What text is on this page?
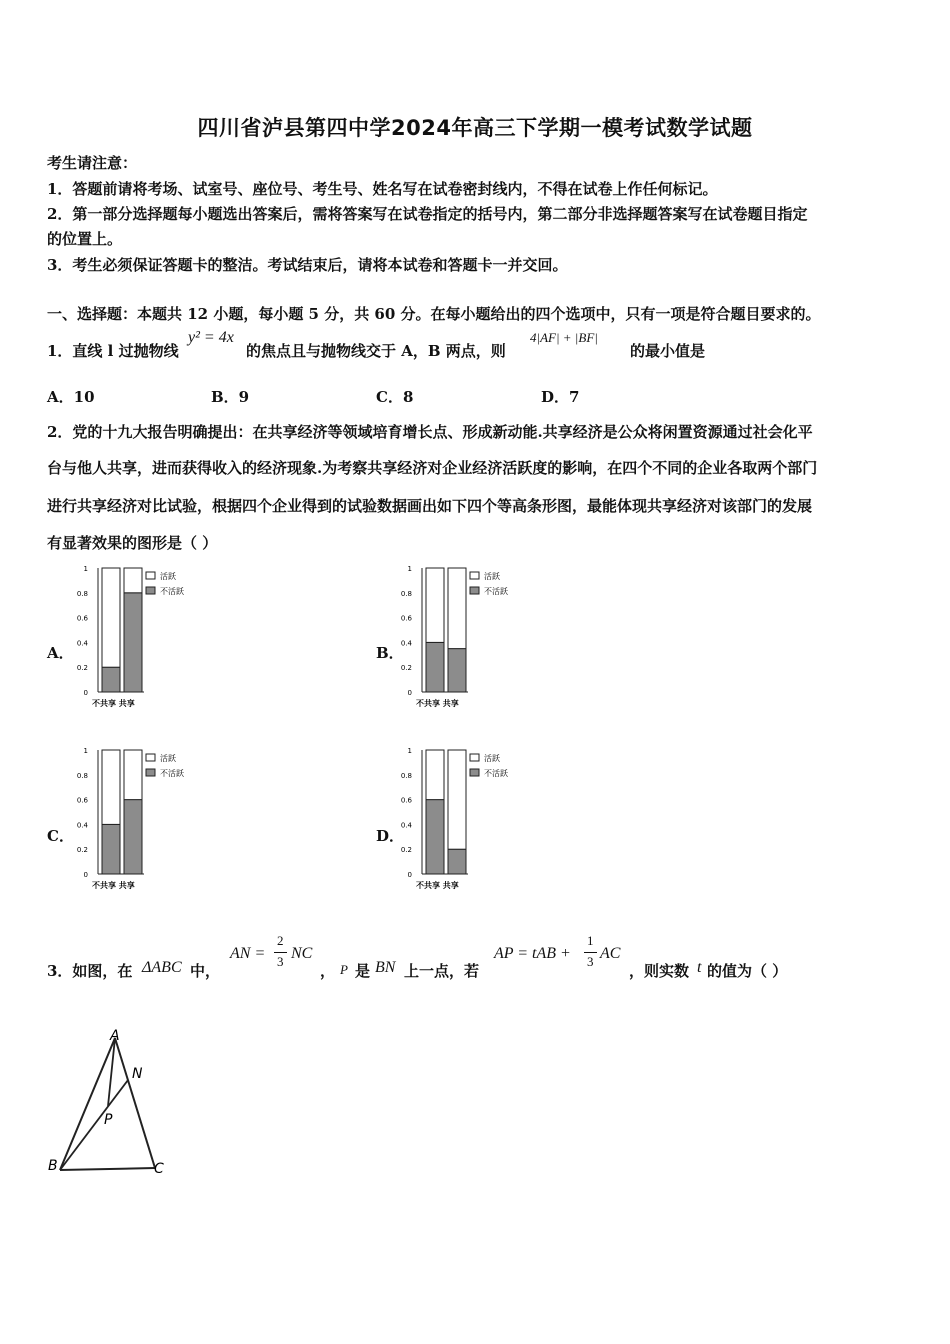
四川省泸县第四中学2024年高三下学期一模考试数学试题
考生请注意：
1．答题前请将考场、试室号、座位号、考生号、姓名写在试卷密封线内，不得在试卷上作任何标记。
2．第一部分选择题每小题选出答案后，需将答案写在试卷指定的括号内，第二部分非选择题答案写在试卷题目指定
的位置上。
3．考生必须保证答题卡的整洁。考试结束后，请将本试卷和答题卡一并交回。
一、选择题：本题共 12 小题，每小题 5 分，共 60 分。在每小题给出的四个选项中，只有一项是符合题目要求的。
1．直线 l 过抛物线
y² = 4x
的焦点且与抛物线交于 A，B 两点，则
4|AF| + |BF|
的最小值是
A．10	B．9	C．8	D．7
2．党的十九大报告明确提出：在共享经济等领域培育增长点、形成新动能.共享经济是公众将闲置资源通过社会化平
台与他人共享，进而获得收入的经济现象.为考察共享经济对企业经济活跃度的影响，在四个不同的企业各取两个部门
进行共享经济对比试验，根据四个企业得到的试验数据画出如下四个等高条形图，最能体现共享经济对该部门的发展
有显著效果的图形是（ ）
A．	B．
C．	D．
0
0.2
0.4
0.6
0.8
1
不共享 共享
活跃
不活跃
0
0.2
0.4
0.6
0.8
1
不共享 共享
活跃
不活跃
0
0.2
0.4
0.6
0.8
1
不共享 共享
活跃
不活跃
0
0.2
0.4
0.6
0.8
1
不共享 共享
活跃
不活跃
3．如图，在 ΔABC 中，
AN =
2
3 NC
， P 是 BN 上一点，若
AP = tAB +
1
3 AC
，则实数 t 的值为（ ）
A
N
P
B	C
